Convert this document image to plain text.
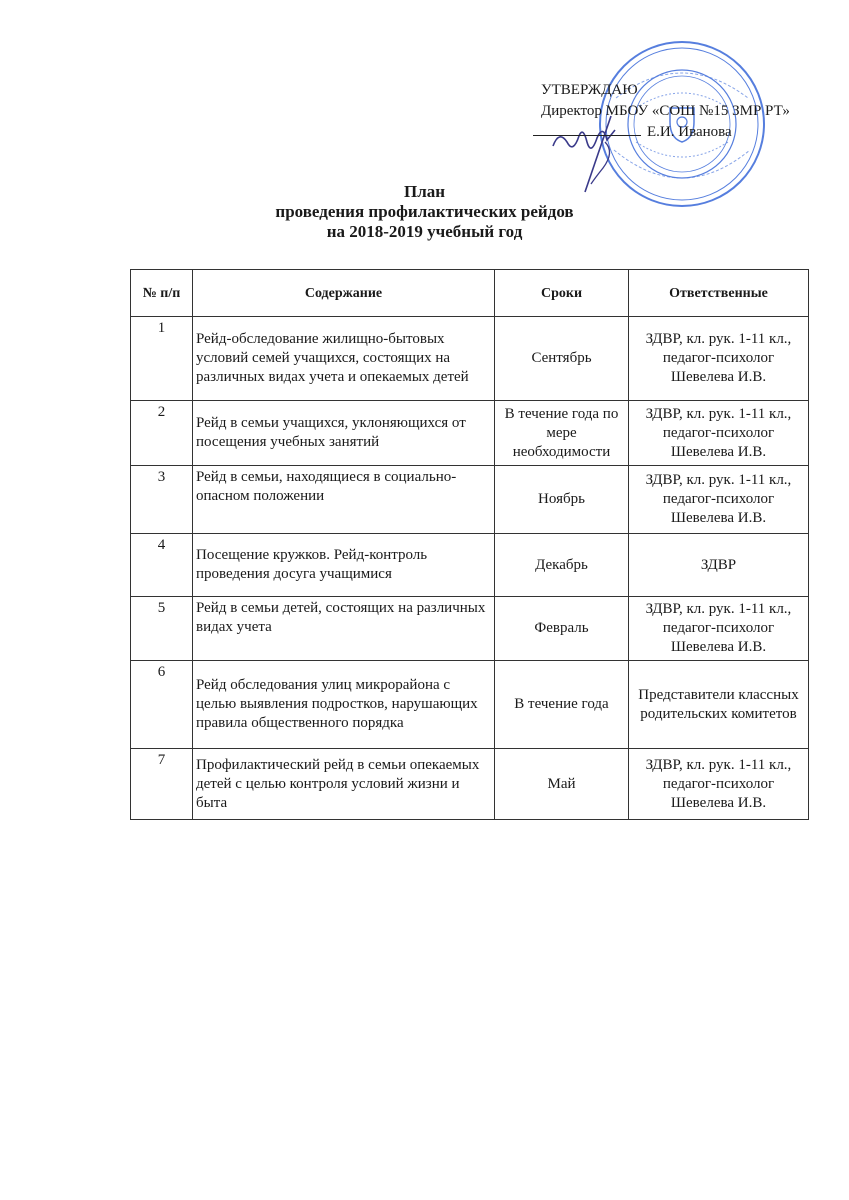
УТВЕРЖДАЮ
Директор МБОУ «СОШ №15 ЗМР РТ»
Е.И. Иванова
План
проведения профилактических рейдов
на 2018-2019 учебный год
№ п/п	Содержание	Сроки	Ответственные
1	Рейд-обследование жилищно-бытовых условий семей учащихся, состоящих на различных видах учета и опекаемых детей	Сентябрь	ЗДВР, кл. рук. 1-11 кл., педагог-психолог Шевелева И.В.
2	Рейд в семьи учащихся, уклоняющихся от посещения учебных занятий	В течение года по мере необходимости	ЗДВР, кл. рук. 1-11 кл., педагог-психолог Шевелева И.В.
3	Рейд в семьи, находящиеся в социально-опасном положении	Ноябрь	ЗДВР, кл. рук. 1-11 кл., педагог-психолог Шевелева И.В.
4	Посещение кружков. Рейд-контроль проведения досуга учащимися	Декабрь	ЗДВР
5	Рейд в семьи детей, состоящих на различных видах учета	Февраль	ЗДВР, кл. рук. 1-11 кл., педагог-психолог Шевелева И.В.
6	Рейд обследования улиц микрорайона с целью выявления подростков, нарушающих правила общественного порядка	В течение года	Представители классных родительских комитетов
7	Профилактический рейд в семьи опекаемых детей с целью контроля условий жизни и быта	Май	ЗДВР, кл. рук. 1-11 кл., педагог-психолог Шевелева И.В.
